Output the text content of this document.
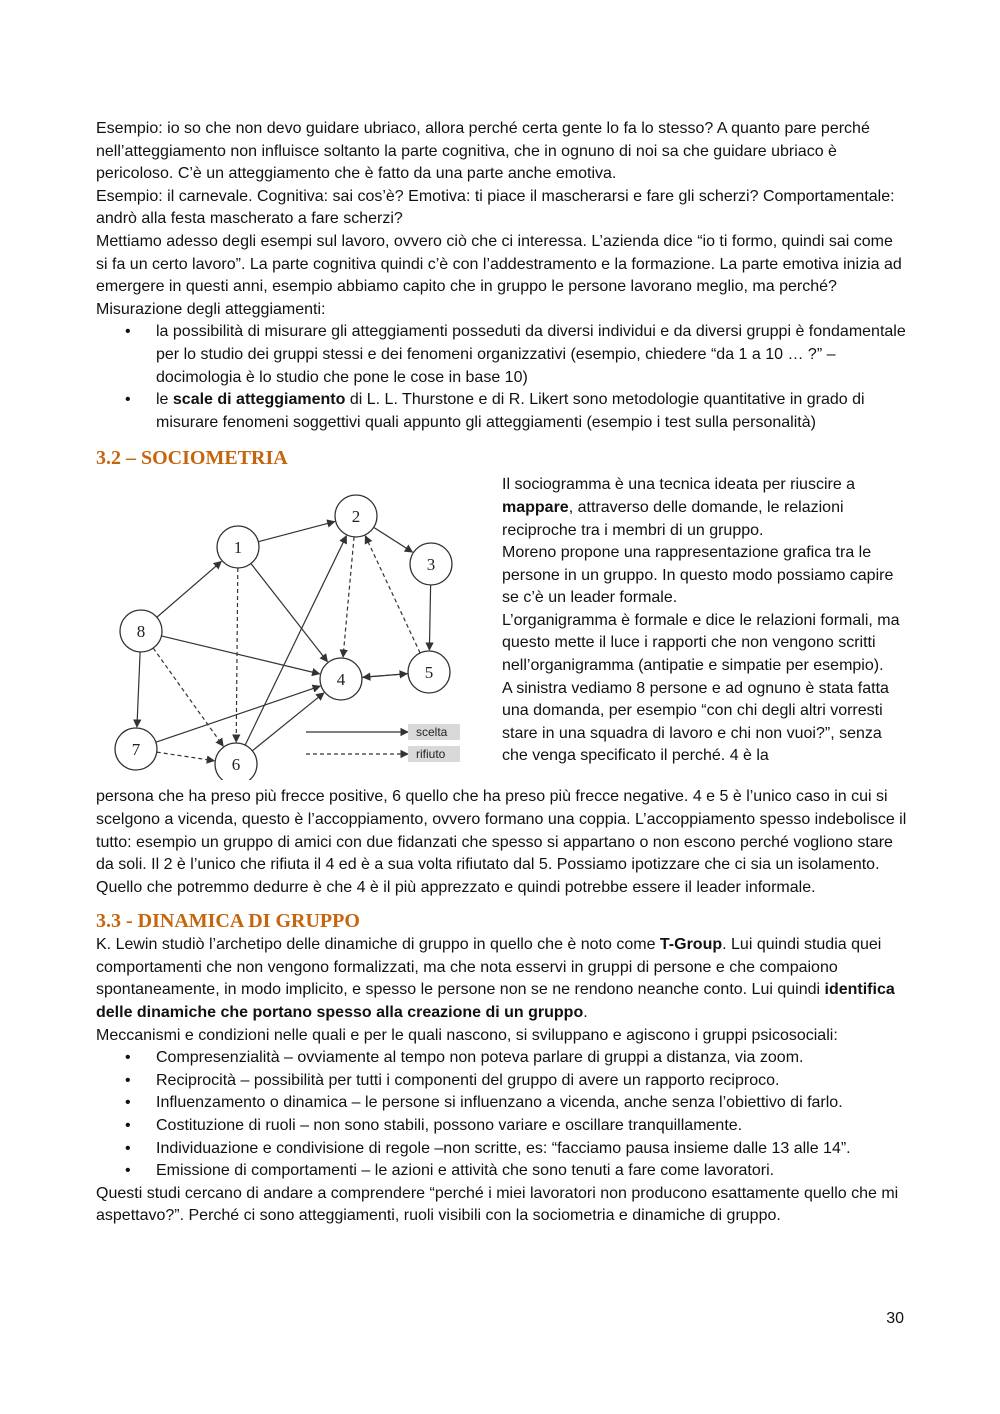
Esempio: io so che non devo guidare ubriaco, allora perché certa gente lo fa lo stesso? A quanto pare perché nell’atteggiamento non influisce soltanto la parte cognitiva, che in ognuno di noi sa che guidare ubriaco è pericoloso. C’è un atteggiamento che è fatto da una parte anche emotiva.

Esempio: il carnevale. Cognitiva: sai cos’è? Emotiva: ti piace il mascherarsi e fare gli scherzi? Comportamentale: andrò alla festa mascherato a fare scherzi?

Mettiamo adesso degli esempi sul lavoro, ovvero ciò che ci interessa. L’azienda dice “io ti formo, quindi sai come si fa un certo lavoro”. La parte cognitiva quindi c’è con l’addestramento e la formazione. La parte emotiva inizia ad emergere in questi anni, esempio abbiamo capito che in gruppo le persone lavorano meglio, ma perché?

Misurazione degli atteggiamenti:

• la possibilità di misurare gli atteggiamenti posseduti da diversi individui e da diversi gruppi è fondamentale per lo studio dei gruppi stessi e dei fenomeni organizzativi (esempio, chiedere “da 1 a 10 … ?” – docimologia è lo studio che pone le cose in base 10)
• le scale di atteggiamento di L. L. Thurstone e di R. Likert sono metodologie quantitative in grado di misurare fenomeni soggettivi quali appunto gli atteggiamenti (esempio i test sulla personalità)
3.2 – SOCIOMETRIA
1
2
3
4	5
6
7
8
scelta
rifiuto

Il sociogramma è una tecnica ideata per riuscire a mappare, attraverso delle domande, le relazioni reciproche tra i membri di un gruppo.

Moreno propone una rappresentazione grafica tra le persone in un gruppo. In questo modo possiamo capire se c’è un leader formale.

L’organigramma è formale e dice le relazioni formali, ma questo mette il luce i rapporti che non vengono scritti nell’organigramma (antipatie e simpatie per esempio).

A sinistra vediamo 8 persone e ad ognuno è stata fatta una domanda, per esempio “con chi degli altri vorresti stare in una squadra di lavoro e chi non vuoi?”, senza che venga specificato il perché. 4 è la

persona che ha preso più frecce positive, 6 quello che ha preso più frecce negative. 4 e 5 è l’unico caso in cui si scelgono a vicenda, questo è l’accoppiamento, ovvero formano una coppia. L’accoppiamento spesso indebolisce il tutto: esempio un gruppo di amici con due fidanzati che spesso si appartano o non escono perché vogliono stare da soli. Il 2 è l’unico che rifiuta il 4 ed è a sua volta rifiutato dal 5. Possiamo ipotizzare che ci sia un isolamento. Quello che potremmo dedurre è che 4 è il più apprezzato e quindi potrebbe essere il leader informale.

3.3 - DINAMICA DI GRUPPO

K. Lewin studiò l’archetipo delle dinamiche di gruppo in quello che è noto come T-Group. Lui quindi studia quei comportamenti che non vengono formalizzati, ma che nota esservi in gruppi di persone e che compaiono spontaneamente, in modo implicito, e spesso le persone non se ne rendono neanche conto. Lui quindi identifica delle dinamiche che portano spesso alla creazione di un gruppo.

Meccanismi e condizioni nelle quali e per le quali nascono, si sviluppano e agiscono i gruppi psicosociali:

• Compresenzialità – ovviamente al tempo non poteva parlare di gruppi a distanza, via zoom.
• Reciprocità – possibilità per tutti i componenti del gruppo di avere un rapporto reciproco.
• Influenzamento o dinamica – le persone si influenzano a vicenda, anche senza l’obiettivo di farlo.
• Costituzione di ruoli – non sono stabili, possono variare e oscillare tranquillamente.
• Individuazione e condivisione di regole –non scritte, es: “facciamo pausa insieme dalle 13 alle 14”.
• Emissione di comportamenti – le azioni e attività che sono tenuti a fare come lavoratori.

Questi studi cercano di andare a comprendere “perché i miei lavoratori non producono esattamente quello che mi aspettavo?”. Perché ci sono atteggiamenti, ruoli visibili con la sociometria e dinamiche di gruppo.

30
